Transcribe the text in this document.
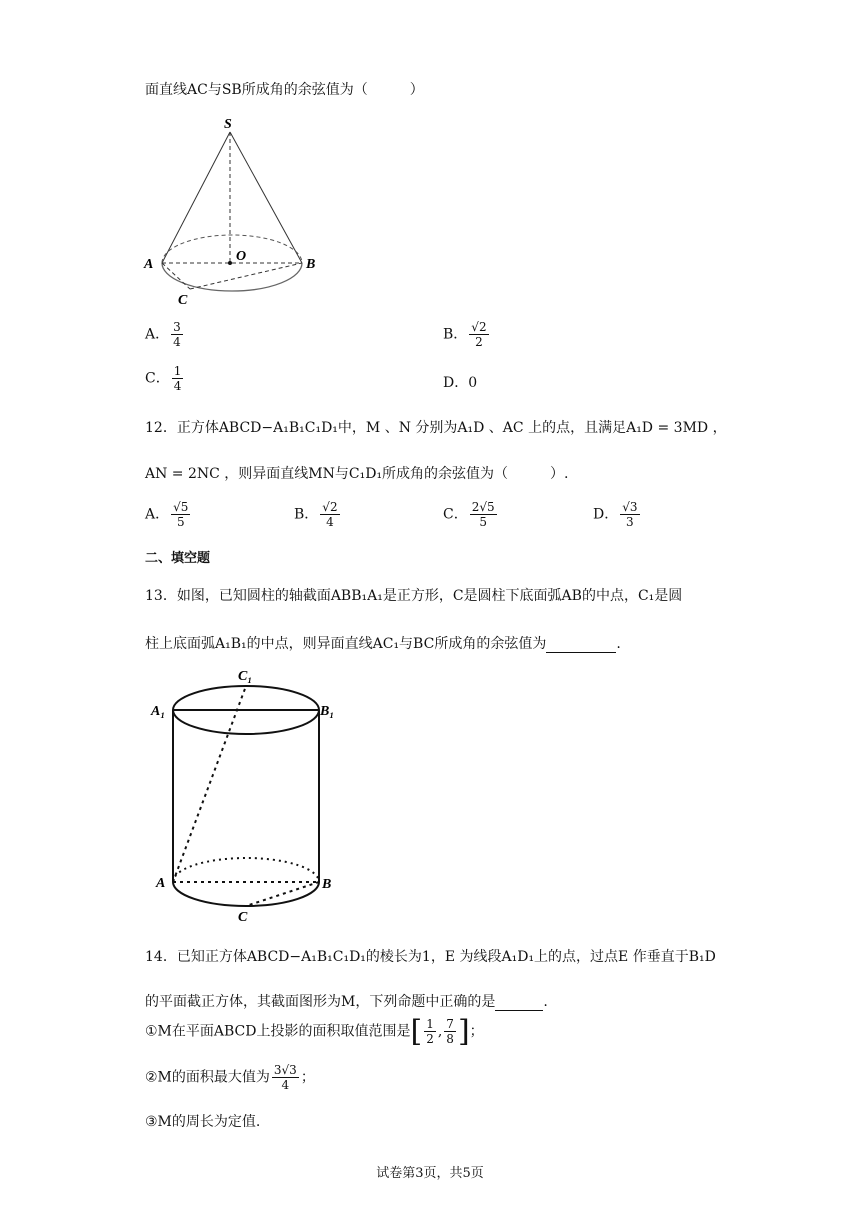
面直线AC与SB所成角的余弦值为（　　　）
S
O
A	B
C
A． $\frac{3}{4}$	B． $\frac{√2}{2}$
C． $\frac{1}{4}$	D．0
12．正方体ABCD−A₁B₁C₁D₁中，M 、N 分别为A₁D 、AC 上的点，且满足A₁D = 3MD ，
AN = 2NC ，则异面直线MN与C₁D₁所成角的余弦值为（　　　）.
A． $\frac{√5}{5}$	B． $\frac{√2}{4}$	C． $\frac{2√5}{5}$	D． $\frac{√3}{3}$
二、填空题
13．如图，已知圆柱的轴截面ABB₁A₁是正方形，C是圆柱下底面弧AB的中点，C₁是圆
柱上底面弧A₁B₁的中点，则异面直线AC₁与BC所成角的余弦值为	.
C₁
A₁	B₁
A	B
C
14．已知正方体ABCD−A₁B₁C₁D₁的棱长为1，E 为线段A₁D₁上的点，过点E 作垂直于B₁D
的平面截正方体，其截面图形为M，下列命题中正确的是	.
①M在平面ABCD上投影的面积取值范围是[ $\frac{1}{2}$ , $\frac{7}{8}$ ]；
②M的面积最大值为 $\frac{3√3}{4}$ ；
③M的周长为定值.
试卷第3页，共5页
